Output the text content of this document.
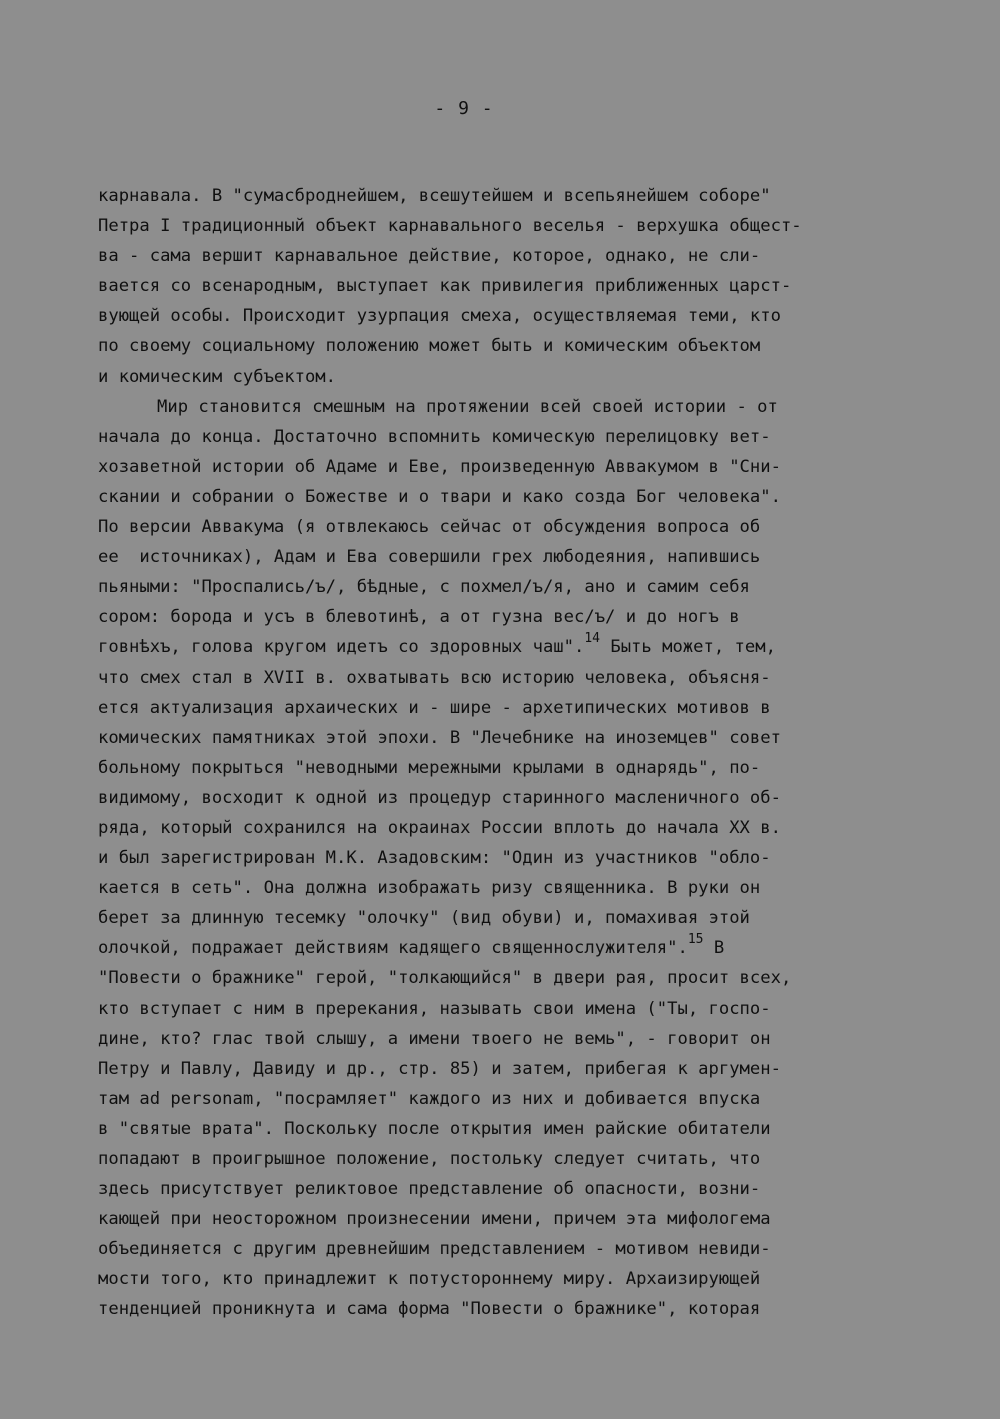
- 9 -
карнавала. В "сумасброднейшем, всешутейшем и всепьянейшем соборе"
Петра I традиционный объект карнавального веселья - верхушка общест-
ва - сама вершит карнавальное действие, которое, однако, не сли-
вается со всенародным, выступает как привилегия приближенных царст-
вующей особы. Происходит узурпация смеха, осуществляемая теми, кто
по своему социальному положению может быть и комическим объектом
и комическим субъектом.
Мир становится смешным на протяжении всей своей истории - от
начала до конца. Достаточно вспомнить комическую перелицовку вет-
хозаветной истории об Адаме и Еве, произведенную Аввакумом в "Сни-
скании и собрании о Божестве и о твари и како созда Бог человека".
По версии Аввакума (я отвлекаюсь сейчас от обсуждения вопроса об
ее  источниках), Адам и Ева совершили грех любодеяния, напившись
пьяными: "Проспались/ъ/, бѣдные, с похмел/ъ/я, ано и самим себя
сором: борода и усъ в блевотинѣ, а от гузна вес/ъ/ и до ногъ в
говнѣхъ, голова кругом идетъ со здоровных чаш".$^{14}$ Быть может, тем,
что смех стал в XVII в. охватывать всю историю человека, объясня-
ется актуализация архаических и - шире - архетипических мотивов в
комических памятниках этой эпохи. В "Лечебнике на иноземцев" совет
больному покрыться "неводными мережными крылами в однарядь", по-
видимому, восходит к одной из процедур старинного масленичного об-
ряда, который сохранился на окраинах России вплоть до начала XX в.
и был зарегистрирован М.К. Азадовским: "Один из участников "обло-
кается в сеть". Она должна изображать ризу священника. В руки он
берет за длинную тесемку "олочку" (вид обуви) и, помахивая этой
олочкой, подражает действиям кадящего священнослужителя".$^{15}$ В
"Повести о бражнике" герой, "толкающийся" в двери рая, просит всех,
кто вступает с ним в пререкания, называть свои имена ("Ты, госпо-
дине, кто? глас твой слышу, а имени твоего не вемь", - говорит он
Петру и Павлу, Давиду и др., стр. 85) и затем, прибегая к аргумен-
там ad personam, "посрамляет" каждого из них и добивается впуска
в "святые врата". Поскольку после открытия имен райские обитатели
попадают в проигрышное положение, постольку следует считать, что
здесь присутствует реликтовое представление об опасности, возни-
кающей при неосторожном произнесении имени, причем эта мифологема
объединяется с другим древнейшим представлением - мотивом невиди-
мости того, кто принадлежит к потустороннему миру. Архаизирующей
тенденцией проникнута и сама форма "Повести о бражнике", которая
